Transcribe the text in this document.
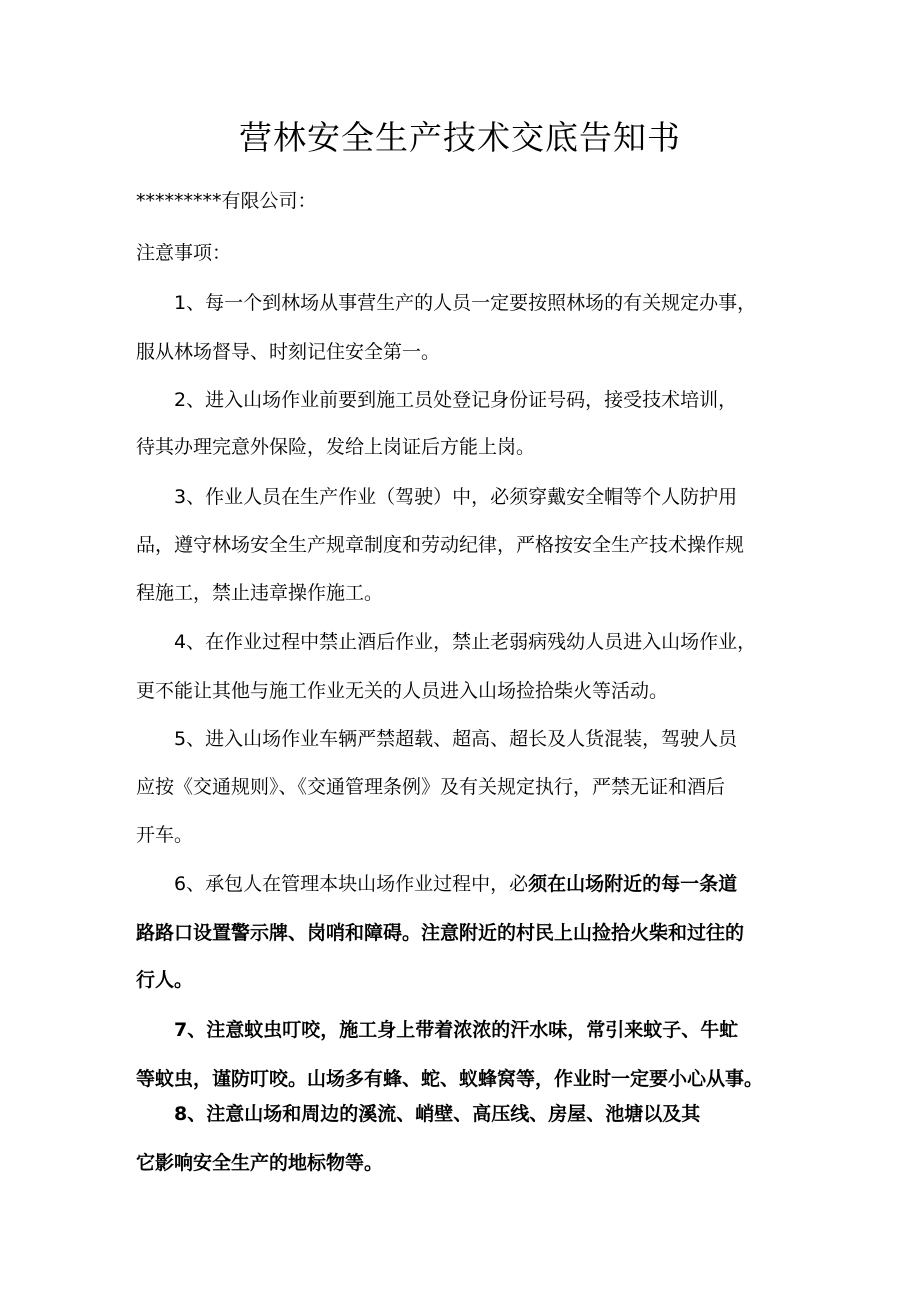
营林安全生产技术交底告知书
*********有限公司：
注意事项：
1、每一个到林场从事营生产的人员一定要按照林场的有关规定办事，
服从林场督导、时刻记住安全第一。
2、进入山场作业前要到施工员处登记身份证号码，接受技术培训，
待其办理完意外保险，发给上岗证后方能上岗。
3、作业人员在生产作业（驾驶）中，必须穿戴安全帽等个人防护用
品，遵守林场安全生产规章制度和劳动纪律，严格按安全生产技术操作规
程施工，禁止违章操作施工。
4、在作业过程中禁止酒后作业，禁止老弱病残幼人员进入山场作业，
更不能让其他与施工作业无关的人员进入山场捡拾柴火等活动。
5、进入山场作业车辆严禁超载、超高、超长及人货混装，驾驶人员
应按《交通规则》、《交通管理条例》及有关规定执行，严禁无证和酒后
开车。
6、承包人在管理本块山场作业过程中，必须在山场附近的每一条道
路路口设置警示牌、岗哨和障碍。注意附近的村民上山捡拾火柴和过往的
行人。
7、注意蚊虫叮咬，施工身上带着浓浓的汗水味，常引来蚊子、牛虻
等蚊虫，谨防叮咬。山场多有蜂、蛇、蚁蜂窝等，作业时一定要小心从事。
8、注意山场和周边的溪流、峭壁、高压线、房屋、池塘以及其
它影响安全生产的地标物等。
